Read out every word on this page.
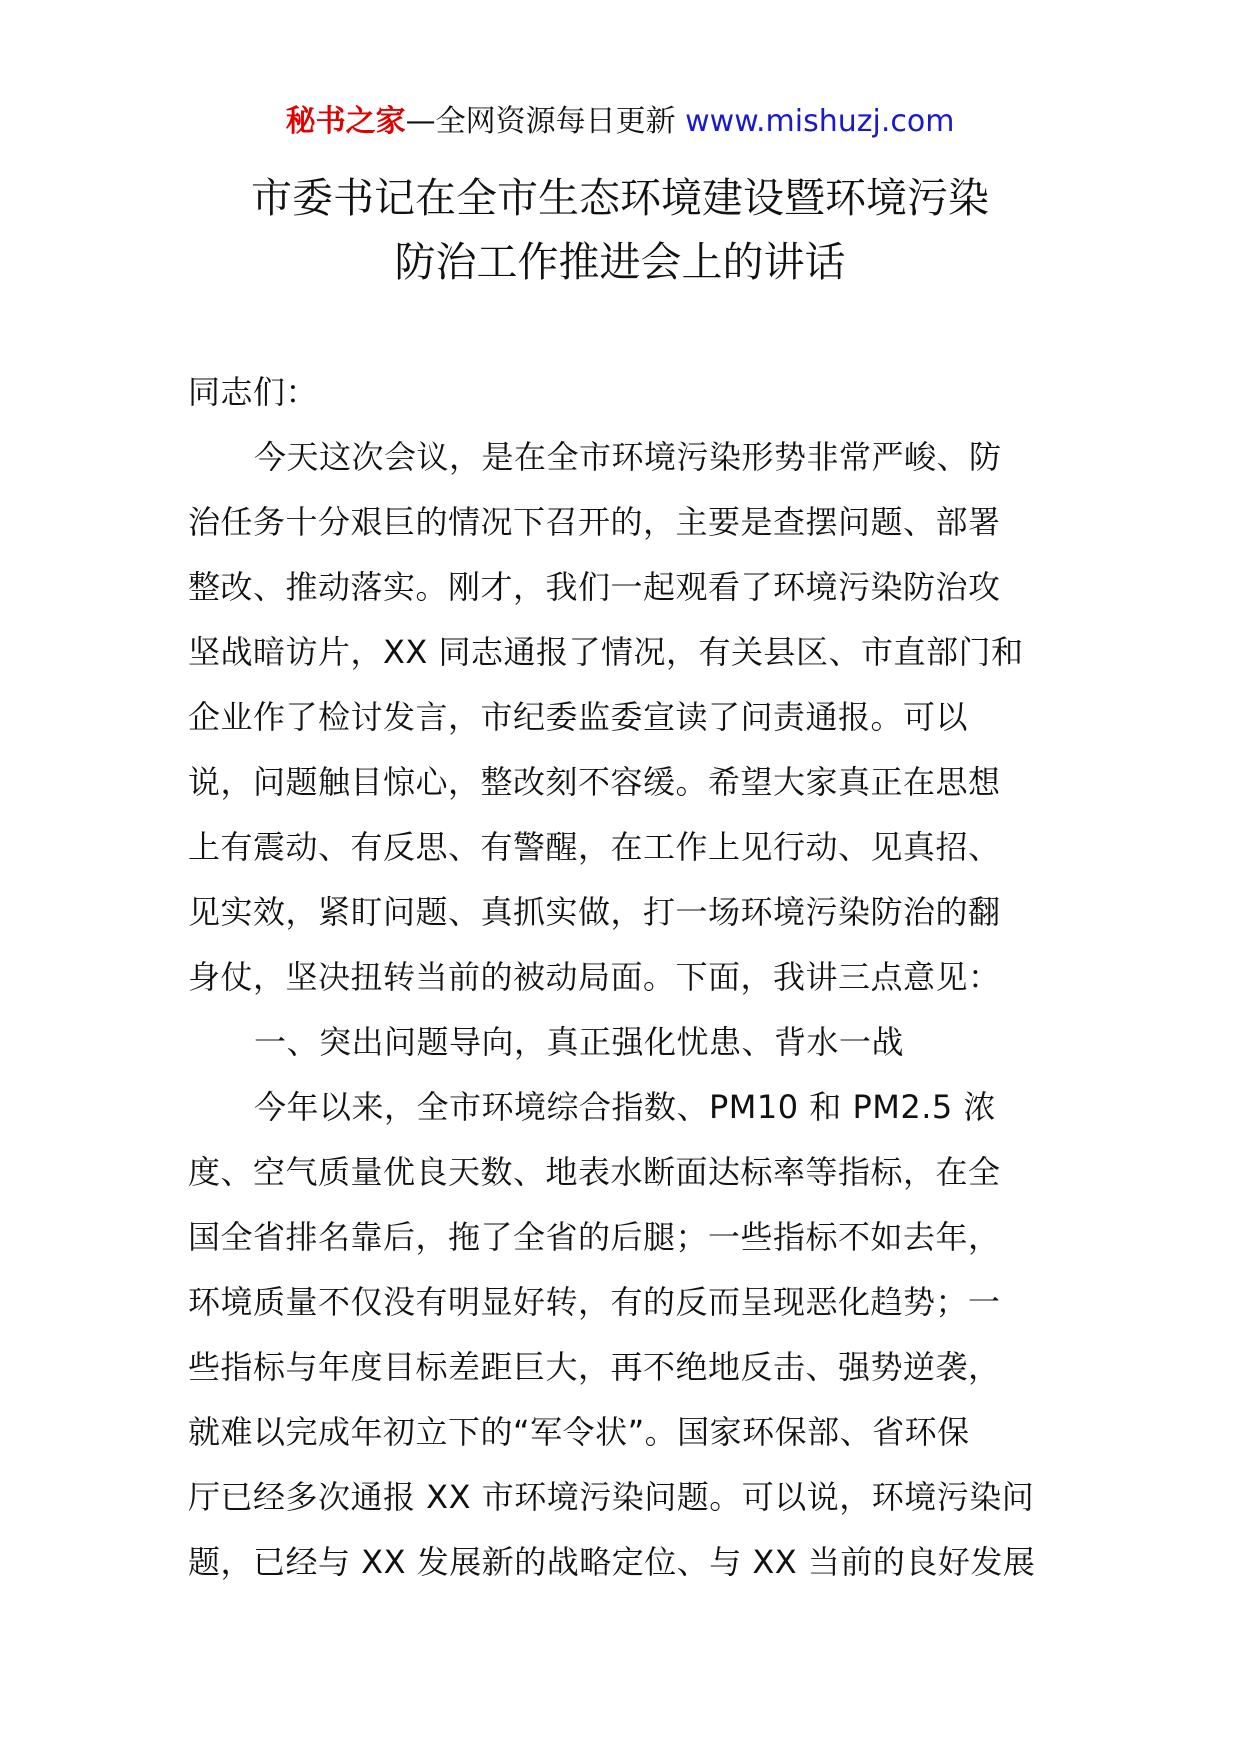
秘书之家—全网资源每日更新 www.mishuzj.com
市委书记在全市生态环境建设暨环境污染
防治工作推进会上的讲话
同志们：
今天这次会议，是在全市环境污染形势非常严峻、防
治任务十分艰巨的情况下召开的，主要是查摆问题、部署
整改、推动落实。刚才，我们一起观看了环境污染防治攻
坚战暗访片，XX 同志通报了情况，有关县区、市直部门和
企业作了检讨发言，市纪委监委宣读了问责通报。可以
说，问题触目惊心，整改刻不容缓。希望大家真正在思想
上有震动、有反思、有警醒，在工作上见行动、见真招、
见实效，紧盯问题、真抓实做，打一场环境污染防治的翻
身仗，坚决扭转当前的被动局面。下面，我讲三点意见：
一、突出问题导向，真正强化忧患、背水一战
今年以来，全市环境综合指数、PM10 和 PM2.5 浓
度、空气质量优良天数、地表水断面达标率等指标，在全
国全省排名靠后，拖了全省的后腿；一些指标不如去年，
环境质量不仅没有明显好转，有的反而呈现恶化趋势；一
些指标与年度目标差距巨大，再不绝地反击、强势逆袭，
就难以完成年初立下的“军令状”。国家环保部、省环保
厅已经多次通报 XX 市环境污染问题。可以说，环境污染问
题，已经与 XX 发展新的战略定位、与 XX 当前的良好发展
